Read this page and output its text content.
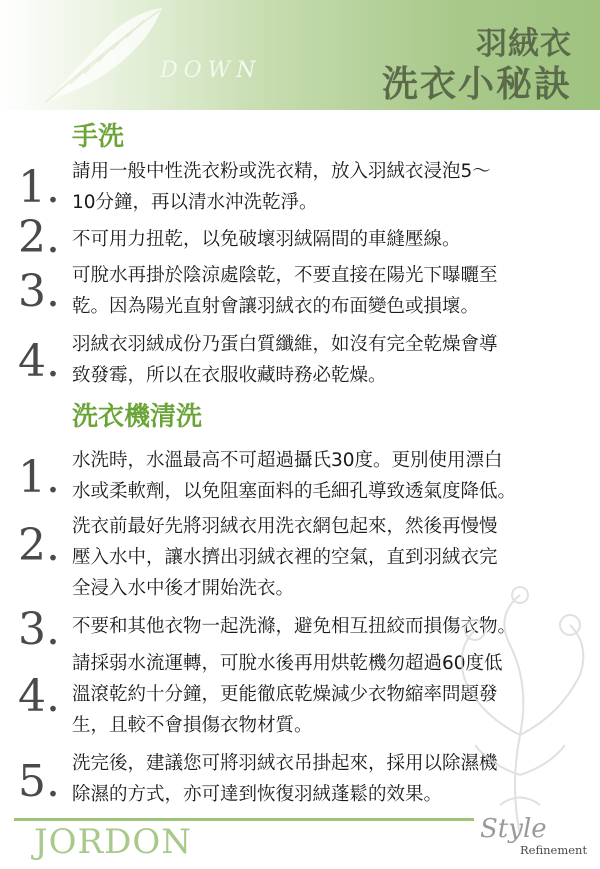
DOWN
羽絨衣
洗衣小秘訣
手洗
1. 請用一般中性洗衣粉或洗衣精，放入羽絨衣浸泡5～
10分鐘，再以清水沖洗乾淨。
2. 不可用力扭乾，以免破壞羽絨隔間的車縫壓線。
3. 可脫水再掛於陰涼處陰乾，不要直接在陽光下曝曬至
乾。因為陽光直射會讓羽絨衣的布面變色或損壞。
4. 羽絨衣羽絨成份乃蛋白質纖維，如沒有完全乾燥會導
致發霉，所以在衣服收藏時務必乾燥。
洗衣機清洗
1. 水洗時，水溫最高不可超過攝氏30度。更別使用漂白
水或柔軟劑，以免阻塞面料的毛細孔導致透氣度降低。
2. 洗衣前最好先將羽絨衣用洗衣網包起來，然後再慢慢
壓入水中，讓水擠出羽絨衣裡的空氣，直到羽絨衣完
全浸入水中後才開始洗衣。
3. 不要和其他衣物一起洗滌，避免相互扭絞而損傷衣物。
4.
請採弱水流運轉，可脫水後再用烘乾機勿超過60度低
溫滾乾約十分鐘，更能徹底乾燥減少衣物縮率問題發
生，且較不會損傷衣物材質。
5. 洗完後，建議您可將羽絨衣吊掛起來，採用以除濕機
除濕的方式，亦可達到恢復羽絨蓬鬆的效果。
JORDON	Style
Refinement
